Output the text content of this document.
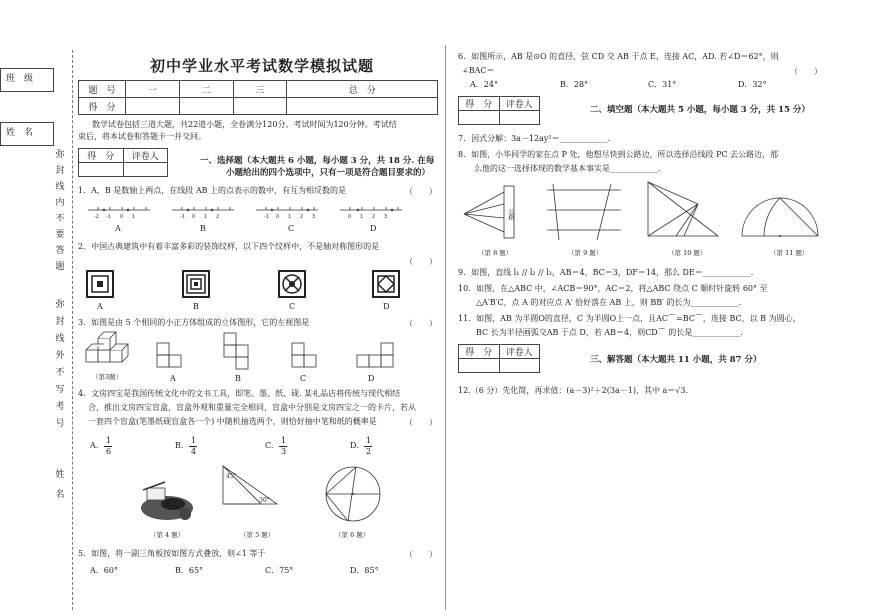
班　级
姓　名
弥
封
线
内
不
要
答
题
弥
封
线
外
不
写
考
号
姓
名
初中学业水平考试数学模拟试题
题　号	一	二	三	总　分
得　分				
数学试卷包括三道大题，共22道小题，全卷满分120分。考试时间为120分钟。考试结
束后，将本试卷和答题卡一并交回。
得　分	评卷人
		一、选择题（本大题共 6 小题，每小题 3 分，共 18 分. 在每
小题给出的四个选项中，只有一项是符合题目要求的）
1．A，B 是数轴上两点，在线段 AB 上的点表示的数中，有互为相反数的是	（　　）
-2 -1 0 1	-1 0 1 2	-1 0 1 2 3	0 1 2 3
A	B	C	D
2．中国古典建筑中有着丰富多彩的装饰纹样，以下四个纹样中，不是轴对称图形的是
（　　）
A	B	C	D
3．如图是由 5 个相同的小正方体组成的立体图形，它的左视图是	（　　）
（第3题）	A	B	C	D
4．文房四宝是我国传统文化中的文书工具，即笔、墨、纸、砚. 某礼品店将传统与现代相结
合，推出文房四宝盲盒，盲盒外观和重量完全相同，盲盒中分别是文房四宝之一的卡片，若从
一套四个盲盒(笔墨纸砚盲盒各一个) 中随机抽选两个，则恰好抽中笔和纸的概率是	（　　）
A.
1
6
B.
1
4
C.
1
3
D.
1
2
（第 4 题）
45°
30°
（第 5 题）	（第 6 题）
5．如图，将一副三角板按如图方式叠放，则∠1 等于	（　　）
A．60°	B．65°	C．75°	D．85°
6．如图所示，AB 是⊙O 的直径，弦 CD 交 AB 于点 E，连接 AC，AD. 若∠D＝62°，则
∠BAC＝	（　　）
A．24°	B．28°	C．31°	D．32°
得　分	评卷人
		二、填空题（本大题共 5 小题，每小题 3 分，共 15 分）
7．因式分解：3a－12ay²＝____________.
8．如图，小华同学的家在点 P 处，他想尽快到公路边，所以选择沿线段 PC 去公路边，那
么他的这一选择体现的数学基本事实是____________.
公路
（第 8 题）	（第 9 题）	（第 10 题）	（第 11 题）
9．如图，直线 l₁ // l₂ // l₃，AB＝4，BC＝3，DF＝14，那么 DE＝____________.
10．如图，在△ABC 中，∠ACB＝90°，AC＝2，将△ABC 绕点 C 顺时针旋转 60° 至
△A′B′C，点 A 的对应点 A′ 恰好落在 AB 上，则 BB′ 的长为____________.
11．如图，AB 为半圆O的直径，C 为半圆O上一点，且AC⌒=BC⌒，连接 BC，以 B 为圆心，
BC 长为半径画弧交AB 于点 D，若 AB＝4，则CD⌒ 的长是____________.
得　分	评卷人

三、解答题（本大题共 11 小题，共 87 分）
12.（6 分）先化简，再求值：(a－3)²＋2(3a－1)，其中 a＝√3.
